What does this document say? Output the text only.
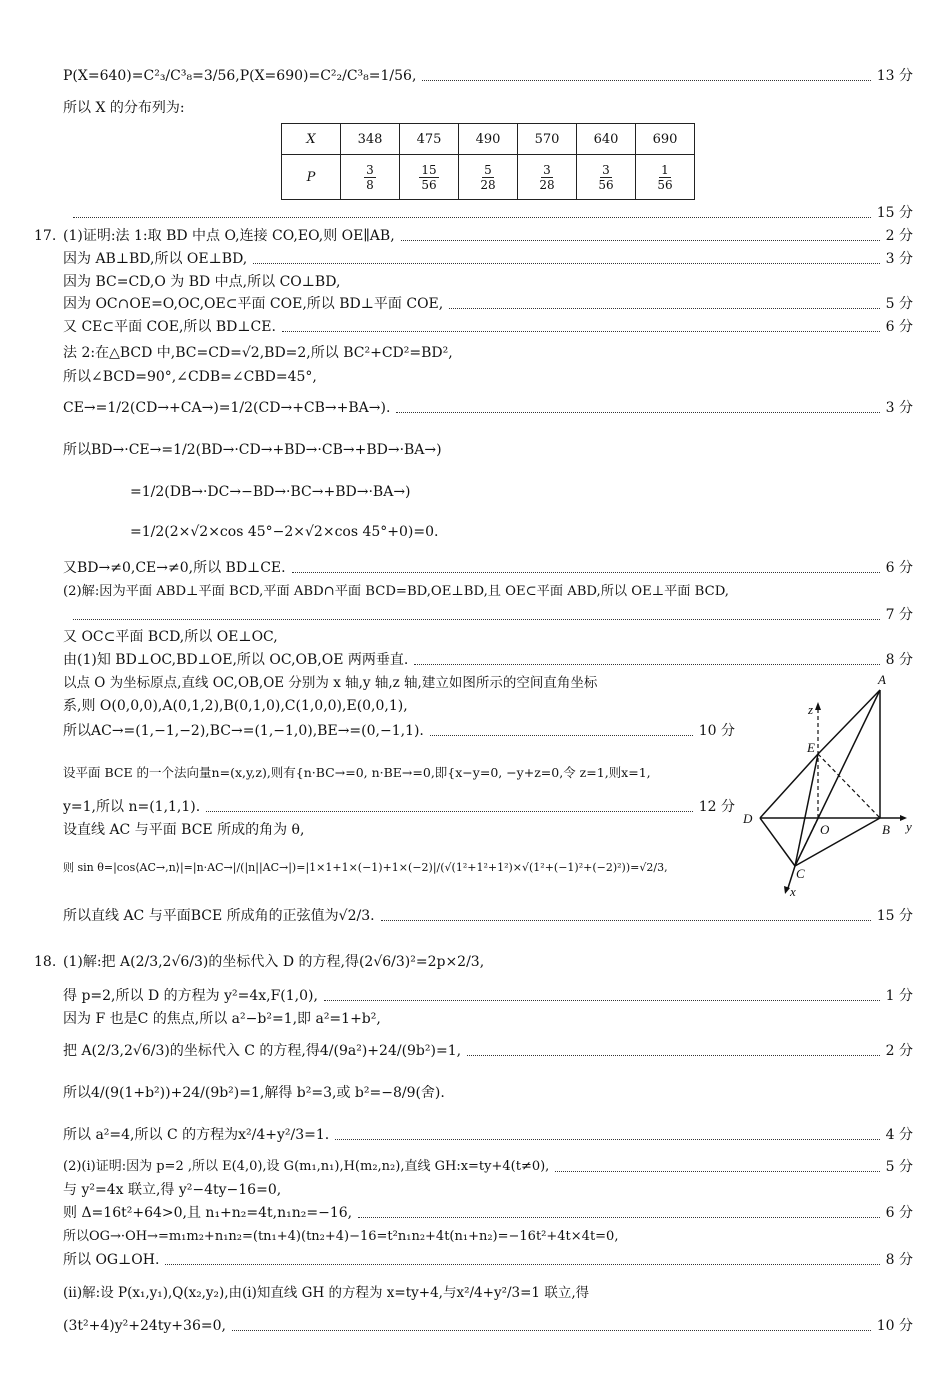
P(X=640)=C²₃/C³₈=3/56,P(X=690)=C²₂/C³₈=1/56,	13 分
所以 X 的分布列为:
X	348	475	490	570	640	690
P	$\frac{3}{8}$	$\frac{15}{56}$	$\frac{5}{28}$	$\frac{3}{28}$	$\frac{3}{56}$	$\frac{1}{56}$
15 分
17. (1)证明:法 1:取 BD 中点 O,连接 CO,EO,则 OE∥AB,	2 分
因为 AB⊥BD,所以 OE⊥BD,	3 分
因为 BC=CD,O 为 BD 中点,所以 CO⊥BD,
因为 OC∩OE=O,OC,OE⊂平面 COE,所以 BD⊥平面 COE,	5 分
又 CE⊂平面 COE,所以 BD⊥CE.	6 分
法 2:在△BCD 中,BC=CD=√2,BD=2,所以 BC²+CD²=BD²,
所以∠BCD=90°,∠CDB=∠CBD=45°,
CE→=1/2(CD→+CA→)=1/2(CD→+CB→+BA→).	3 分
所以BD→·CE→=1/2(BD→·CD→+BD→·CB→+BD→·BA→)
=1/2(DB→·DC→−BD→·BC→+BD→·BA→)
=1/2(2×√2×cos 45°−2×√2×cos 45°+0)=0.
又BD→≠0,CE→≠0,所以 BD⊥CE.	6 分
(2)解:因为平面 ABD⊥平面 BCD,平面 ABD∩平面 BCD=BD,OE⊥BD,且 OE⊂平面 ABD,所以 OE⊥平面 BCD,
7 分
又 OC⊂平面 BCD,所以 OE⊥OC,
由(1)知 BD⊥OC,BD⊥OE,所以 OC,OB,OE 两两垂直.	8 分
以点 O 为坐标原点,直线 OC,OB,OE 分别为 x 轴,y 轴,z 轴,建立如图所示的空间直角坐标
系,则 O(0,0,0),A(0,1,2),B(0,1,0),C(1,0,0),E(0,0,1),
所以AC→=(1,−1,−2),BC→=(1,−1,0),BE→=(0,−1,1).	10 分
设平面 BCE 的一个法向量n=(x,y,z),则有{n·BC→=0, n·BE→=0,即{x−y=0, −y+z=0,令 z=1,则x=1,
y=1,所以 n=(1,1,1).	12 分
设直线 AC 与平面 BCE 所成的角为 θ,
则 sin θ=|cos⟨AC→,n⟩|=|n·AC→|/(|n||AC→|)=|1×1+1×(−1)+1×(−2)|/(√(1²+1²+1²)×√(1²+(−1)²+(−2)²))=√2/3,
所以直线 AC 与平面BCE 所成角的正弦值为√2/3.	15 分
A
E
D
O	B
C
x
y
z
18. (1)解:把 A(2/3,2√6/3)的坐标代入 D 的方程,得(2√6/3)²=2p×2/3,
得 p=2,所以 D 的方程为 y²=4x,F(1,0),	1 分
因为 F 也是C 的焦点,所以 a²−b²=1,即 a²=1+b²,
把 A(2/3,2√6/3)的坐标代入 C 的方程,得4/(9a²)+24/(9b²)=1,	2 分
所以4/(9(1+b²))+24/(9b²)=1,解得 b²=3,或 b²=−8/9(舍).
所以 a²=4,所以 C 的方程为x²/4+y²/3=1.	4 分
(2)(ⅰ)证明:因为 p=2 ,所以 E(4,0),设 G(m₁,n₁),H(m₂,n₂),直线 GH:x=ty+4(t≠0),	5 分
与 y²=4x 联立,得 y²−4ty−16=0,
则 Δ=16t²+64>0,且 n₁+n₂=4t,n₁n₂=−16,	6 分
所以OG→·OH→=m₁m₂+n₁n₂=(tn₁+4)(tn₂+4)−16=t²n₁n₂+4t(n₁+n₂)=−16t²+4t×4t=0,
所以 OG⊥OH.	8 分
(ⅱ)解:设 P(x₁,y₁),Q(x₂,y₂),由(ⅰ)知直线 GH 的方程为 x=ty+4,与x²/4+y²/3=1 联立,得
(3t²+4)y²+24ty+36=0,	10 分
